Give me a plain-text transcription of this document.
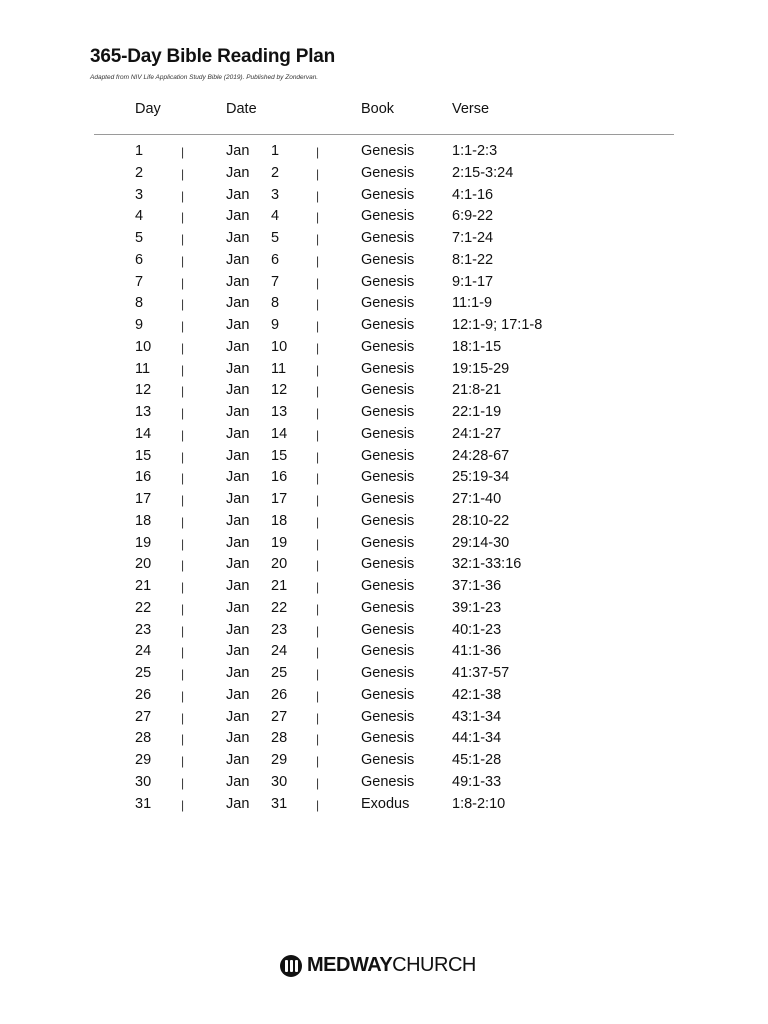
365-Day Bible Reading Plan
Adapted from NIV Life Application Study Bible (2019). Published by Zondervan.
Day	Date	Book	Verse
1	|	Jan 1	|	Genesis	1:1-2:3
2	|	Jan 2	|	Genesis	2:15-3:24
3	|	Jan 3	|	Genesis	4:1-16
4	|	Jan 4	|	Genesis	6:9-22
5	|	Jan 5	|	Genesis	7:1-24
6	|	Jan 6	|	Genesis	8:1-22
7	|	Jan 7	|	Genesis	9:1-17
8	|	Jan 8	|	Genesis	11:1-9
9	|	Jan 9	|	Genesis	12:1-9; 17:1-8
10 |	Jan 10 |	Genesis	18:1-15
11	|	Jan 11 |	Genesis	19:15-29
12 |	Jan 12 |	Genesis	21:8-21
13 |	Jan 13 |	Genesis	22:1-19
14 |	Jan 14 |	Genesis	24:1-27
15 |	Jan 15 |	Genesis	24:28-67
16 |	Jan 16 |	Genesis	25:19-34
17 |	Jan 17 |	Genesis	27:1-40
18 |	Jan 18 |	Genesis	28:10-22
19 |	Jan 19 |	Genesis	29:14-30
20 |	Jan 20 |	Genesis	32:1-33:16
21 |	Jan 21 |	Genesis	37:1-36
22 |	Jan 22 |	Genesis	39:1-23
23 |	Jan 23 |	Genesis	40:1-23
24 |	Jan 24 |	Genesis	41:1-36
25 |	Jan 25 |	Genesis	41:37-57
26 |	Jan 26 |	Genesis	42:1-38
27 |	Jan 27 |	Genesis	43:1-34
28 |	Jan 28 |	Genesis	44:1-34
29 |	Jan 29 |	Genesis	45:1-28
30 |	Jan 30 |	Genesis	49:1-33
31 |	Jan 31 |	Exodus	1:8-2:10
MEDWAYCHURCH
